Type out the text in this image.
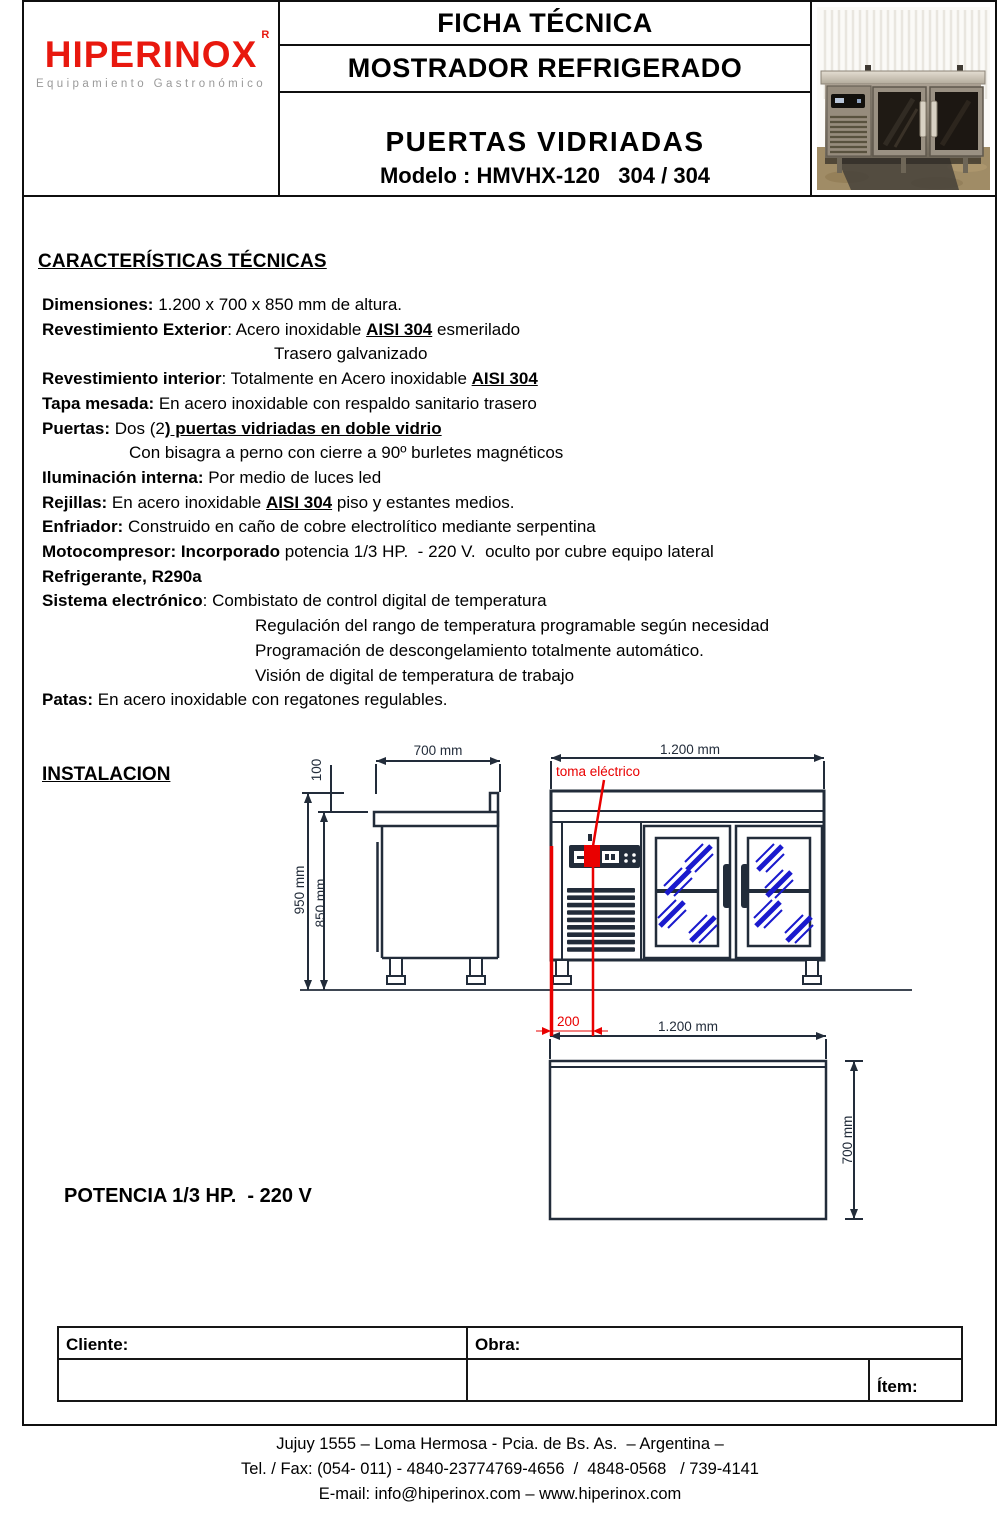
HIPERINOX R
Equipamiento Gastronómico
FICHA TÉCNICA
MOSTRADOR REFRIGERADO
PUERTAS VIDRIADAS
Modelo : HMVHX-120   304 / 304
CARACTERÍSTICAS TÉCNICAS
Dimensiones: 1.200 x 700 x 850 mm de altura.
Revestimiento Exterior: Acero inoxidable AISI 304 esmerilado
Trasero galvanizado
Revestimiento interior: Totalmente en Acero inoxidable AISI 304
Tapa mesada: En acero inoxidable con respaldo sanitario trasero
Puertas: Dos (2) puertas vidriadas en doble vidrio
Con bisagra a perno con cierre a 90º burletes magnéticos
Iluminación interna: Por medio de luces led
Rejillas: En acero inoxidable AISI 304 piso y estantes medios.
Enfriador: Construido en caño de cobre electrolítico mediante serpentina
Motocompresor: Incorporado potencia 1/3 HP.  - 220 V.  oculto por cubre equipo lateral
Refrigerante, R290a
Sistema electrónico: Combistato de control digital de temperatura
Regulación del rango de temperatura programable según necesidad
Programación de descongelamiento totalmente automático.
Visión de digital de temperatura de trabajo
Patas: En acero inoxidable con regatones regulables.
INSTALACION
700 mm
100
950 mm 850 mm
1.200 mm
toma eléctrico
200	1.200 mm
700 mm
POTENCIA 1/3 HP.  - 220 V
Cliente:	Obra:
Ítem:
Jujuy 1555 – Loma Hermosa - Pcia. de Bs. As.  – Argentina –
Tel. / Fax: (054- 011) - 4840-23774769-4656  /  4848-0568   / 739-4141
E-mail: info@hiperinox.com – www.hiperinox.com
